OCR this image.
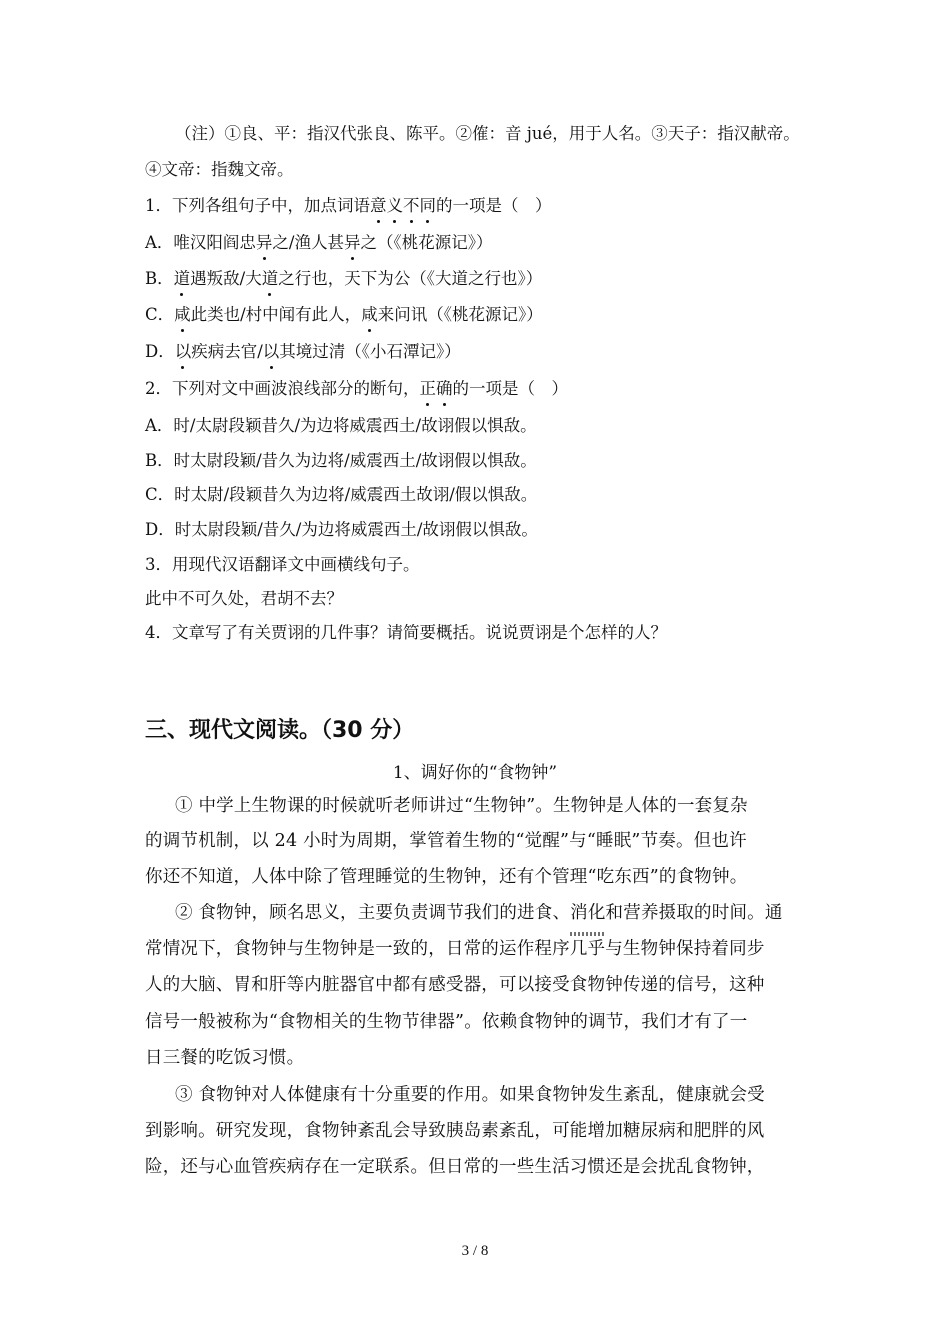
（注）①良、平：指汉代张良、陈平。②傕：音 jué，用于人名。③天子：指汉献帝。
④文帝：指魏文帝。
1．下列各组句子中，加点词语意义不同的一项是（　）
A．唯汉阳阎忠异之/渔人甚异之（《桃花源记》）
B．道遇叛敌/大道之行也，天下为公（《大道之行也》）
C．咸此类也/村中闻有此人，咸来问讯（《桃花源记》）
D．以疾病去官/以其境过清（《小石潭记》）
2．下列对文中画波浪线部分的断句，正确的一项是（　）
A．时/太尉段颖昔久/为边将威震西土/故诩假以惧敌。
B．时太尉段颖/昔久为边将/威震西土/故诩假以惧敌。
C．时太尉/段颖昔久为边将/威震西土故诩/假以惧敌。
D．时太尉段颖/昔久/为边将威震西土/故诩假以惧敌。
3．用现代汉语翻译文中画横线句子。
此中不可久处，君胡不去？
4．文章写了有关贾诩的几件事？请简要概括。说说贾诩是个怎样的人？
三、现代文阅读。（30 分）
1、调好你的“食物钟”
① 中学上生物课的时候就听老师讲过“生物钟”。生物钟是人体的一套复杂
的调节机制，以 24 小时为周期，掌管着生物的“觉醒”与“睡眠”节奏。但也许
你还不知道，人体中除了管理睡觉的生物钟，还有个管理“吃东西”的食物钟。
② 食物钟，顾名思义，主要负责调节我们的进食、消化和营养摄取的时间。通
常情况下，食物钟与生物钟是一致的，日常的运作程序几乎与生物钟保持着同步
人的大脑、胃和肝等内脏器官中都有感受器，可以接受食物钟传递的信号，这种
信号一般被称为“食物相关的生物节律器”。依赖食物钟的调节，我们才有了一
日三餐的吃饭习惯。
③ 食物钟对人体健康有十分重要的作用。如果食物钟发生紊乱，健康就会受
到影响。研究发现，食物钟紊乱会导致胰岛素紊乱，可能增加糖尿病和肥胖的风
险，还与心血管疾病存在一定联系。但日常的一些生活习惯还是会扰乱食物钟，
3 / 8
